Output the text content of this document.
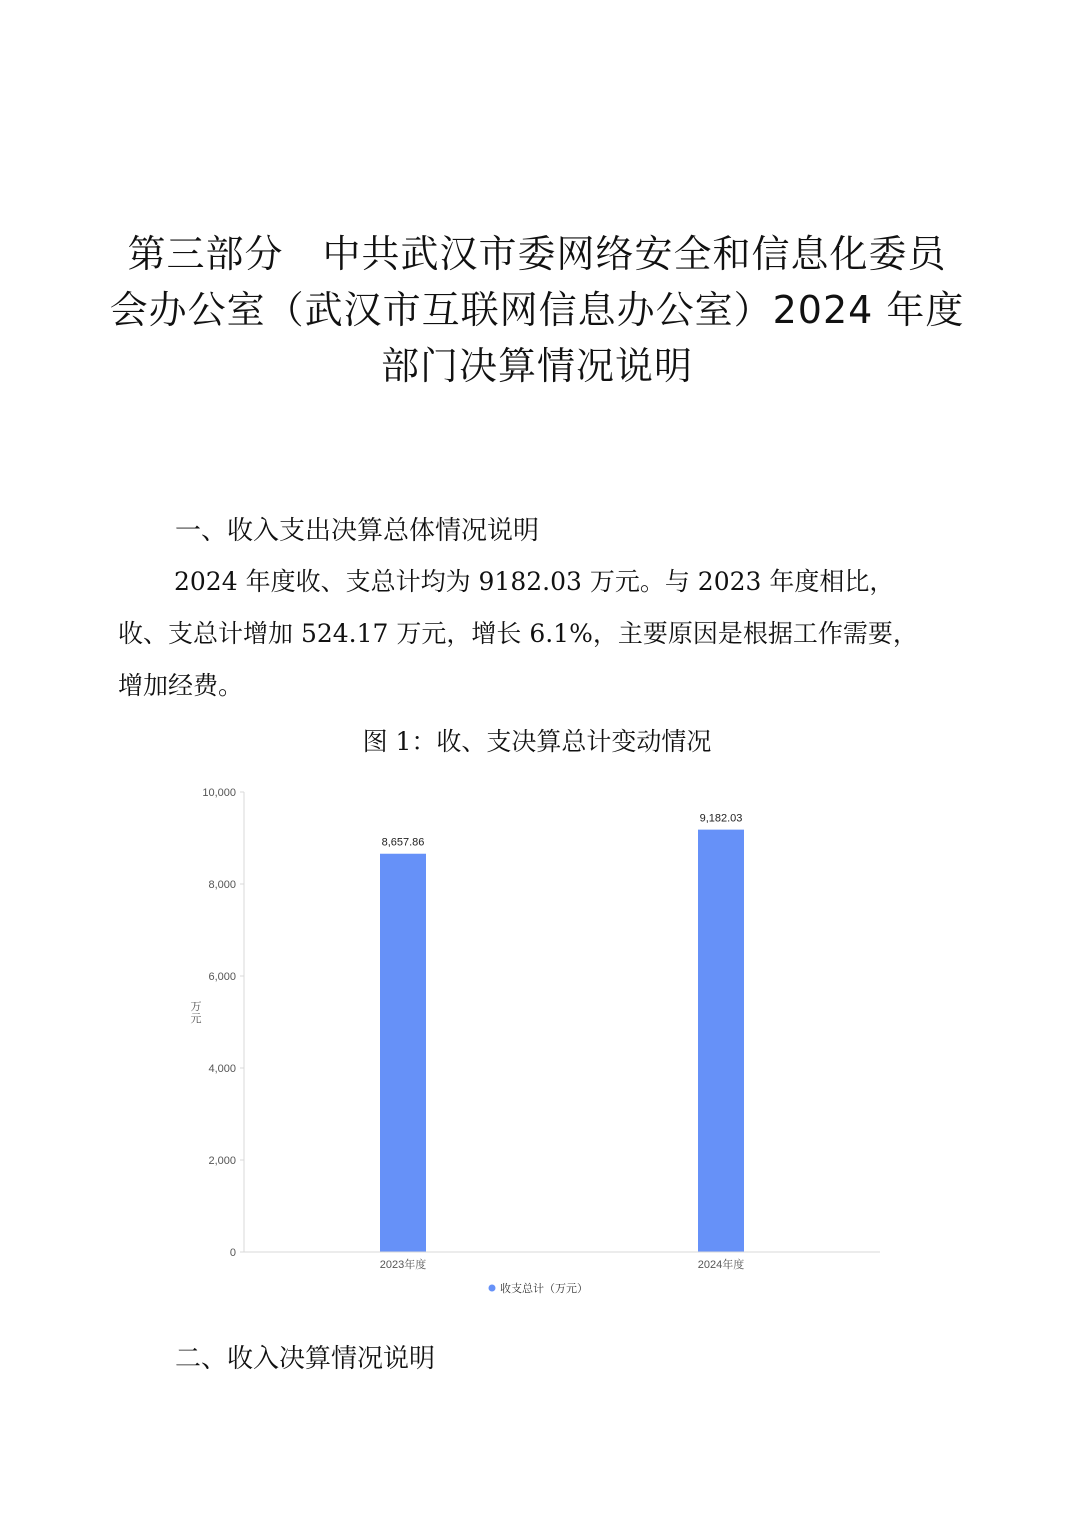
第三部分　中共武汉市委网络安全和信息化委员
会办公室（武汉市互联网信息办公室）2024 年度
部门决算情况说明
一、收入支出决算总体情况说明
2024 年度收、支总计均为 9182.03 万元。与 2023 年度相比，
收、支总计增加 524.17 万元，增长 6.1%，主要原因是根据工作需要，
增加经费。
图 1：收、支决算总计变动情况
0
2,000
4,000
6,000
8,000
10,000
8,657.86
9,182.03
2023年度	2024年度
万元
收支总计（万元）
二、收入决算情况说明
